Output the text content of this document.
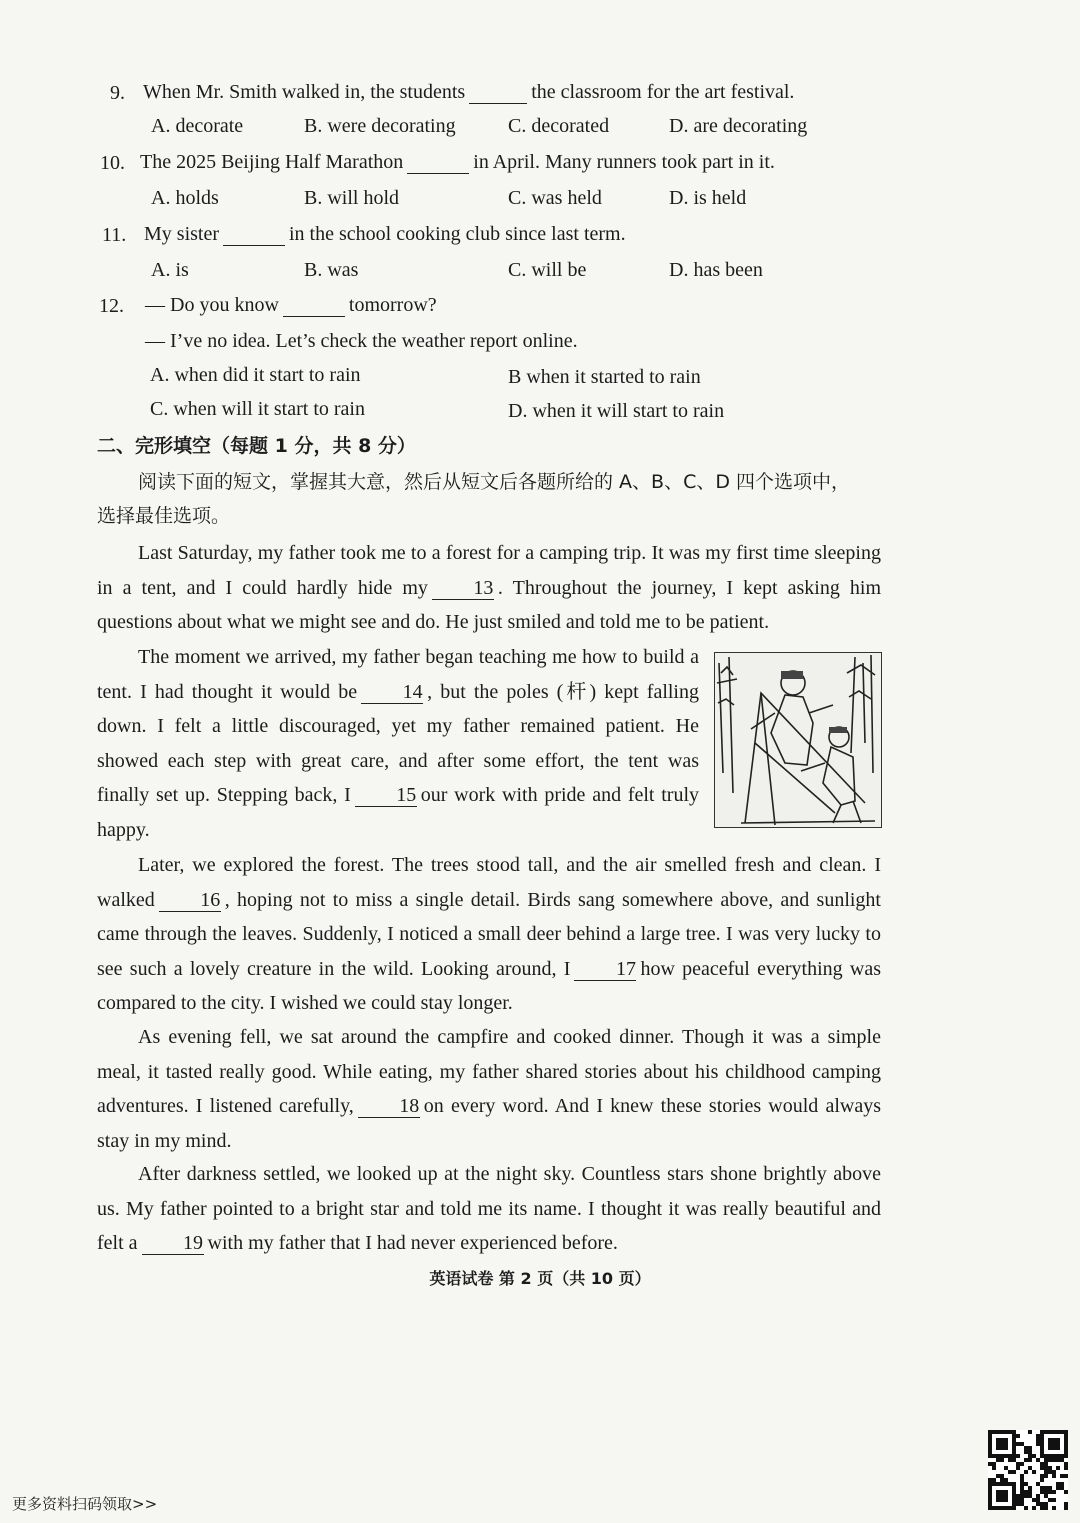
9. When Mr. Smith walked in, the students	the classroom for the art festival.
A. decorate	B. were decorating	C. decorated	D. are decorating
10. The 2025 Beijing Half Marathon	in April. Many runners took part in it.
A. holds	B. will hold	C. was held	D. is held
11. My sister	in the school cooking club since last term.
A. is	B. was	C. will be	D. has been
12. — Do you know	tomorrow?
— I’ve no idea. Let’s check the weather report online.
A. when did it start to rain	B when it started to rain
C. when will it start to rain	D. when it will start to rain
二、完形填空（每题 1 分，共 8 分）
阅读下面的短文，掌握其大意，然后从短文后各题所给的 A、B、C、D 四个选项中，
选择最佳选项。

Last Saturday, my father took me to a forest for a camping trip. It was my first time sleeping in a tent, and I could hardly hide my 13 . Throughout the journey, I kept asking him questions about what we might see and do. He just smiled and told me to be patient.

The moment we arrived, my father began teaching me how to build a tent. I had thought it would be 14 , but the poles (杆) kept falling down. I felt a little discouraged, yet my father remained patient. He showed each step with great care, and after some effort, the tent was finally set up. Stepping back, I 15 our work with pride and felt truly happy.

Later, we explored the forest. The trees stood tall, and the air smelled fresh and clean. I walked 16 , hoping not to miss a single detail. Birds sang somewhere above, and sunlight came through the leaves. Suddenly, I noticed a small deer behind a large tree. I was very lucky to see such a lovely creature in the wild. Looking around, I 17 how peaceful everything was compared to the city. I wished we could stay longer.

As evening fell, we sat around the campfire and cooked dinner. Though it was a simple meal, it tasted really good. While eating, my father shared stories about his childhood camping adventures. I listened carefully, 18 on every word. And I knew these stories would always stay in my mind.

After darkness settled, we looked up at the night sky. Countless stars shone brightly above us. My father pointed to a bright star and told me its name. I thought it was really beautiful and felt a 19 with my father that I had never experienced before.

英语试卷 第 2 页（共 10 页）
更多资料扫码领取>>
